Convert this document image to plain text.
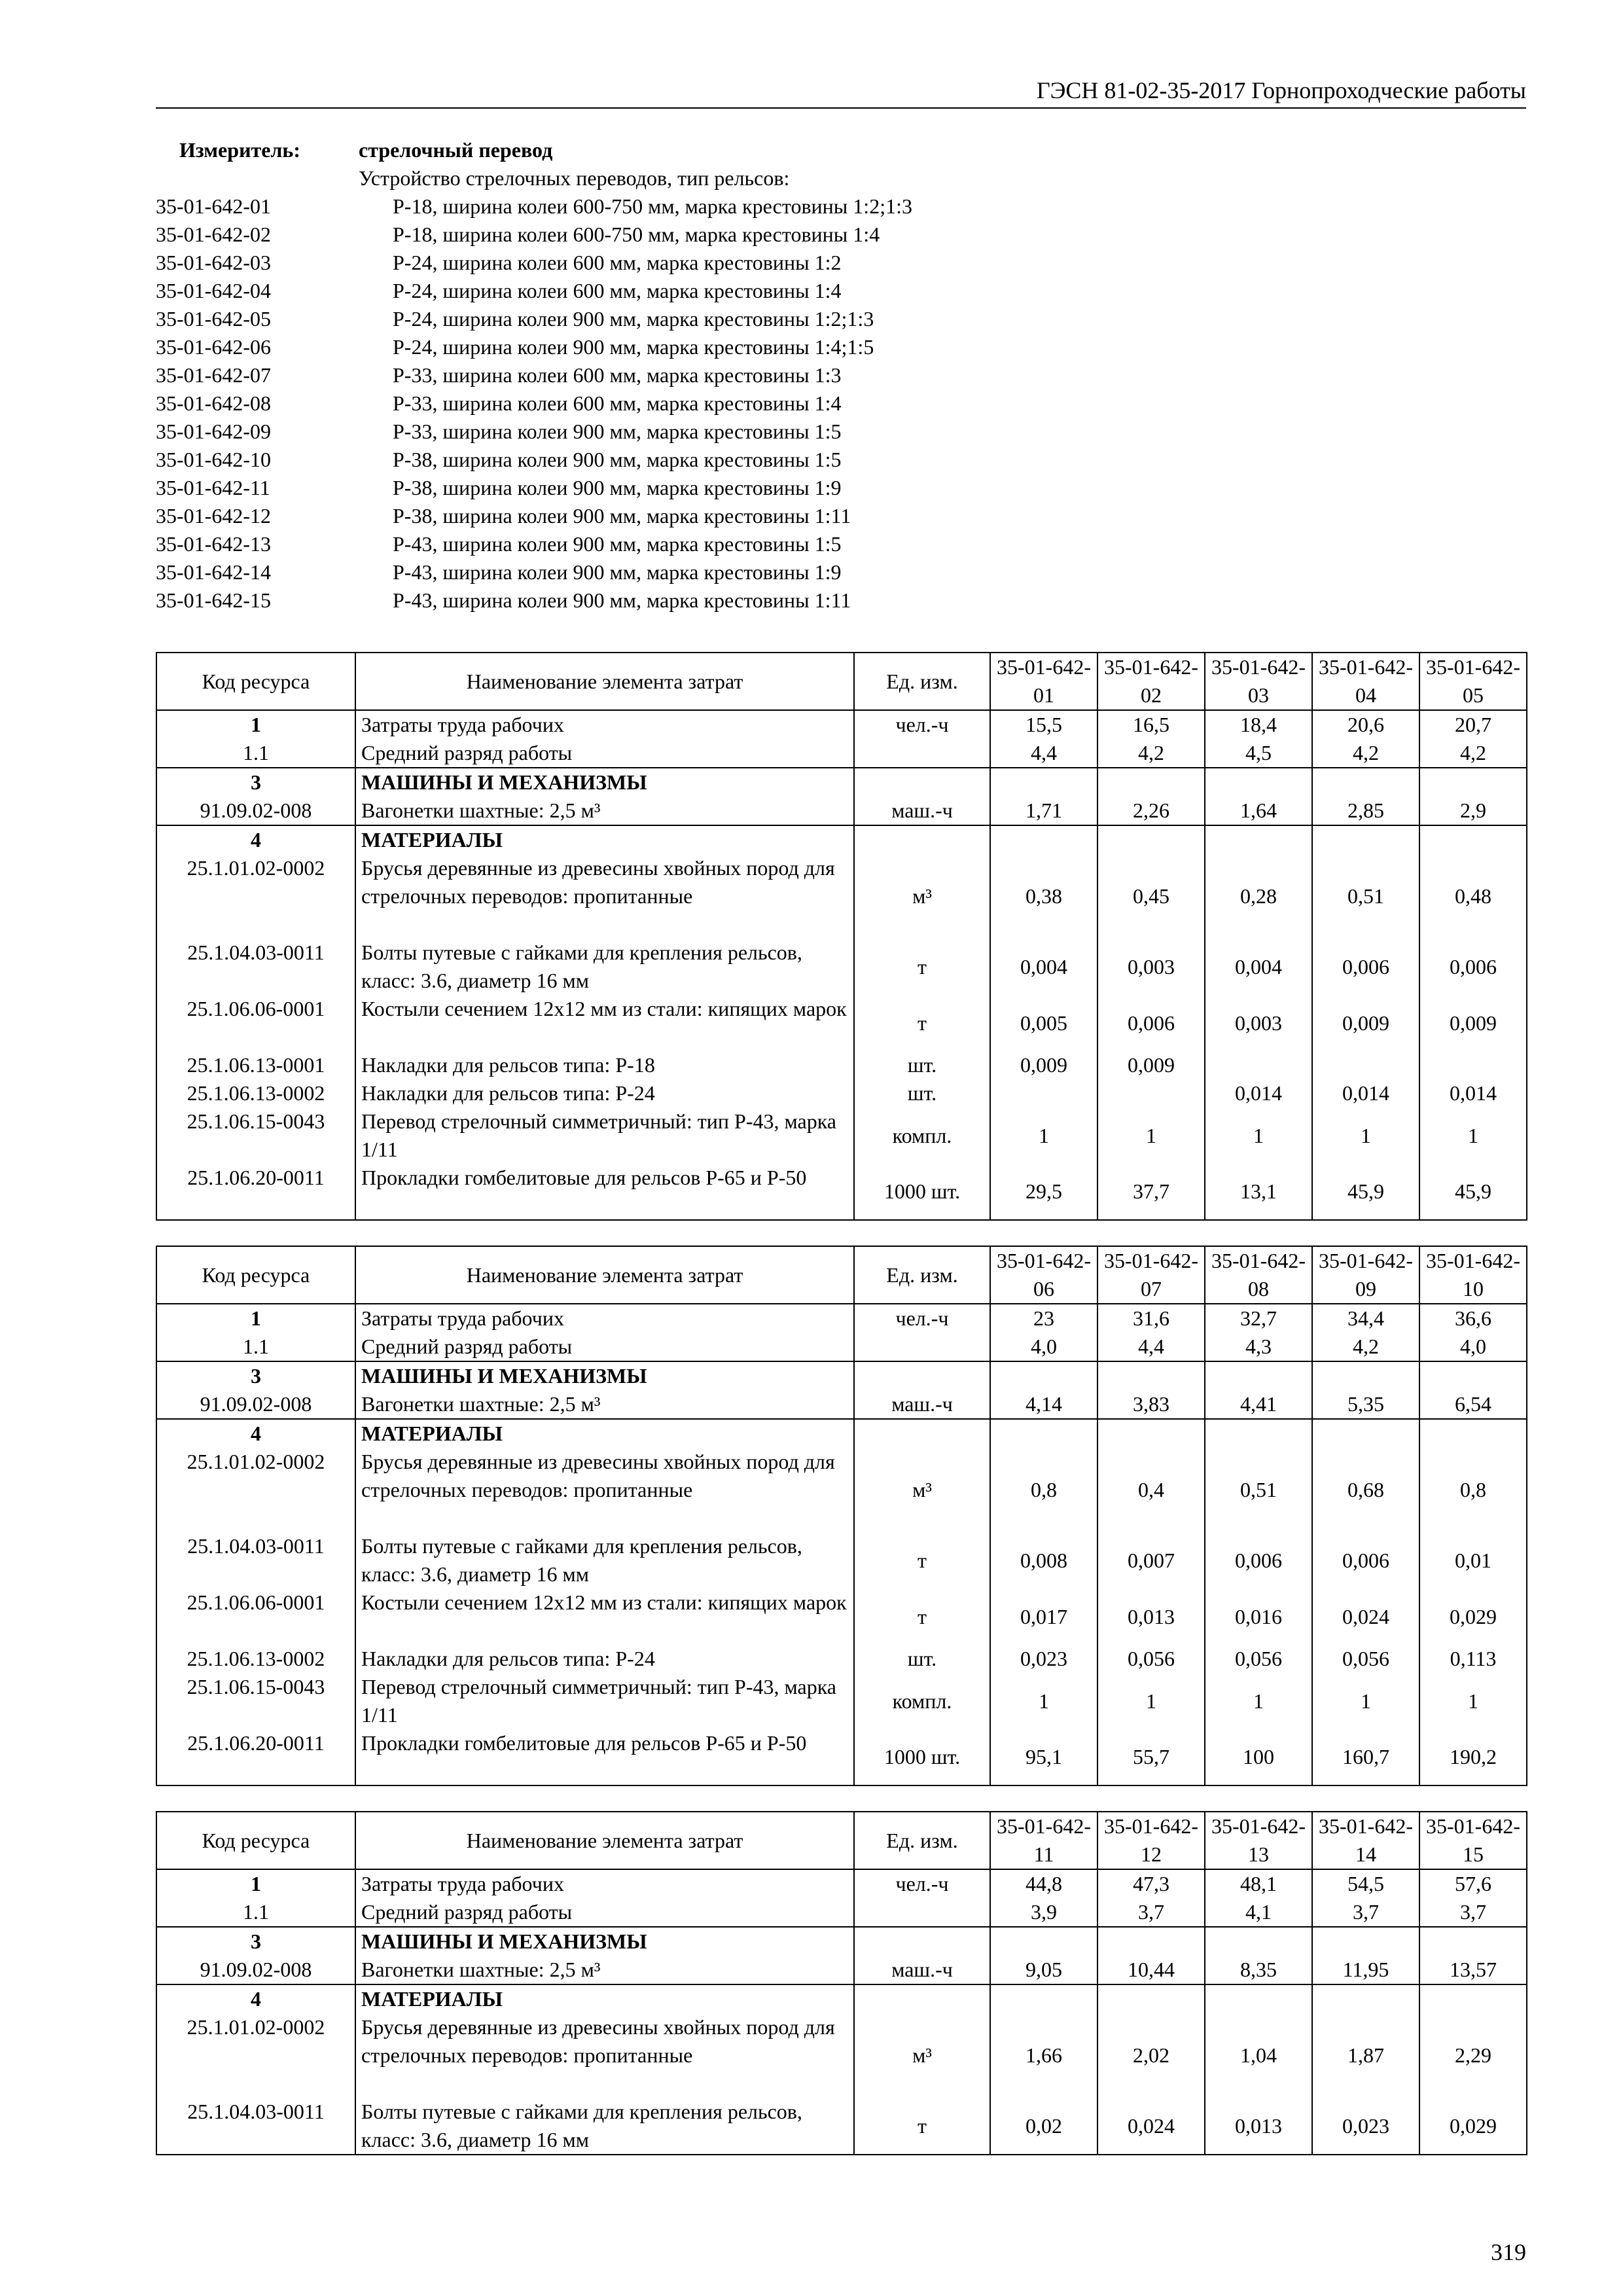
ГЭСН 81-02-35-2017 Горнопроходческие работы
Измеритель:	стрелочный перевод
Устройство стрелочных переводов, тип рельсов:
35-01-642-01	Р-18, ширина колеи 600-750 мм, марка крестовины 1:2;1:3
35-01-642-02	Р-18, ширина колеи 600-750 мм, марка крестовины 1:4
35-01-642-03	Р-24, ширина колеи 600 мм, марка крестовины 1:2
35-01-642-04	Р-24, ширина колеи 600 мм, марка крестовины 1:4
35-01-642-05	Р-24, ширина колеи 900 мм, марка крестовины 1:2;1:3
35-01-642-06	Р-24, ширина колеи 900 мм, марка крестовины 1:4;1:5
35-01-642-07	Р-33, ширина колеи 600 мм, марка крестовины 1:3
35-01-642-08	Р-33, ширина колеи 600 мм, марка крестовины 1:4
35-01-642-09	Р-33, ширина колеи 900 мм, марка крестовины 1:5
35-01-642-10	Р-38, ширина колеи 900 мм, марка крестовины 1:5
35-01-642-11	Р-38, ширина колеи 900 мм, марка крестовины 1:9
35-01-642-12	Р-38, ширина колеи 900 мм, марка крестовины 1:11
35-01-642-13	Р-43, ширина колеи 900 мм, марка крестовины 1:5
35-01-642-14	Р-43, ширина колеи 900 мм, марка крестовины 1:9
35-01-642-15	Р-43, ширина колеи 900 мм, марка крестовины 1:11
Код ресурса	Наименование элемента затрат	Ед. изм.	35-01-642-01	35-01-642-02	35-01-642-03	35-01-642-04	35-01-642-05
1	Затраты труда рабочих	чел.-ч	15,5	16,5	18,4	20,6	20,7
1.1	Средний разряд работы		4,4	4,2	4,5	4,2	4,2
3	МАШИНЫ И МЕХАНИЗМЫ						
91.09.02-008	Вагонетки шахтные: 2,5 м³	маш.-ч	1,71	2,26	1,64	2,85	2,9
4	МАТЕРИАЛЫ						
25.1.01.02-0002	Брусья деревянные из древесины хвойных пород для стрелочных переводов: пропитанные	м³	0,38	0,45	0,28	0,51	0,48
25.1.04.03-0011	Болты путевые с гайками для крепления рельсов, класс: 3.6, диаметр 16 мм	т	0,004	0,003	0,004	0,006	0,006
25.1.06.06-0001	Костыли сечением 12x12 мм из стали: кипящих марок	т	0,005	0,006	0,003	0,009	0,009
25.1.06.13-0001	Накладки для рельсов типа: Р-18	шт.	0,009	0,009			
25.1.06.13-0002	Накладки для рельсов типа: Р-24	шт.			0,014	0,014	0,014
25.1.06.15-0043	Перевод стрелочный симметричный: тип Р-43, марка 1/11	компл.	1	1	1	1	1
25.1.06.20-0011	Прокладки гомбелитовые для рельсов Р-65 и Р-50	1000 шт.	29,5	37,7	13,1	45,9	45,9
Код ресурса	Наименование элемента затрат	Ед. изм.	35-01-642-06	35-01-642-07	35-01-642-08	35-01-642-09	35-01-642-10
1	Затраты труда рабочих	чел.-ч	23	31,6	32,7	34,4	36,6
1.1	Средний разряд работы		4,0	4,4	4,3	4,2	4,0
3	МАШИНЫ И МЕХАНИЗМЫ						
91.09.02-008	Вагонетки шахтные: 2,5 м³	маш.-ч	4,14	3,83	4,41	5,35	6,54
4	МАТЕРИАЛЫ						
25.1.01.02-0002	Брусья деревянные из древесины хвойных пород для стрелочных переводов: пропитанные	м³	0,8	0,4	0,51	0,68	0,8
25.1.04.03-0011	Болты путевые с гайками для крепления рельсов, класс: 3.6, диаметр 16 мм	т	0,008	0,007	0,006	0,006	0,01
25.1.06.06-0001	Костыли сечением 12x12 мм из стали: кипящих марок	т	0,017	0,013	0,016	0,024	0,029
25.1.06.13-0002	Накладки для рельсов типа: Р-24	шт.	0,023	0,056	0,056	0,056	0,113
25.1.06.15-0043	Перевод стрелочный симметричный: тип Р-43, марка 1/11	компл.	1	1	1	1	1
25.1.06.20-0011	Прокладки гомбелитовые для рельсов Р-65 и Р-50	1000 шт.	95,1	55,7	100	160,7	190,2
Код ресурса	Наименование элемента затрат	Ед. изм.	35-01-642-11	35-01-642-12	35-01-642-13	35-01-642-14	35-01-642-15
1	Затраты труда рабочих	чел.-ч	44,8	47,3	48,1	54,5	57,6
1.1	Средний разряд работы		3,9	3,7	4,1	3,7	3,7
3	МАШИНЫ И МЕХАНИЗМЫ						
91.09.02-008	Вагонетки шахтные: 2,5 м³	маш.-ч	9,05	10,44	8,35	11,95	13,57
4	МАТЕРИАЛЫ						
25.1.01.02-0002	Брусья деревянные из древесины хвойных пород для стрелочных переводов: пропитанные	м³	1,66	2,02	1,04	1,87	2,29
25.1.04.03-0011	Болты путевые с гайками для крепления рельсов, класс: 3.6, диаметр 16 мм	т	0,02	0,024	0,013	0,023	0,029
319
